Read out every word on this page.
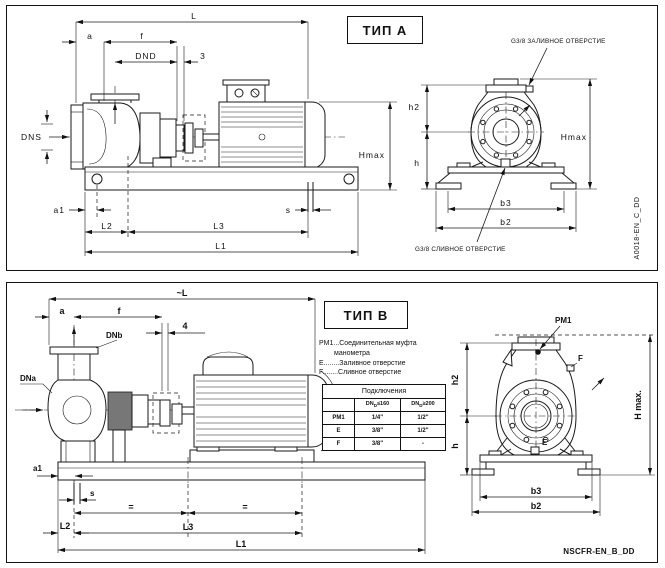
L
a	f
DND	3
DNS
Hmax
a1	s
L2	L3
L1
h2
h
Hmax
b3
b2
G3/8 ЗАЛИВНОЕ ОТВЕРСТИЕ
G3/8 СЛИВНОЕ ОТВЕРСТИЕ	A0018-EN_C_DD
ТИП A
~L
a	f
4
DNb
DNa
a1
s
=	=
L2	L3
L1
PM1
F
E
h2
h
H max.
b3
b2
NSCFR-EN_B_DD
ТИП B
PM1...Соединительная муфта
манометра
E........Заливное отверстие
F........Сливное отверстие
Подключения		
	$DN_D\le 160$	$DN_D\ge 200$
PM1	1/4"	1/2"
E	3/8"	1/2"
F	3/8"	-
